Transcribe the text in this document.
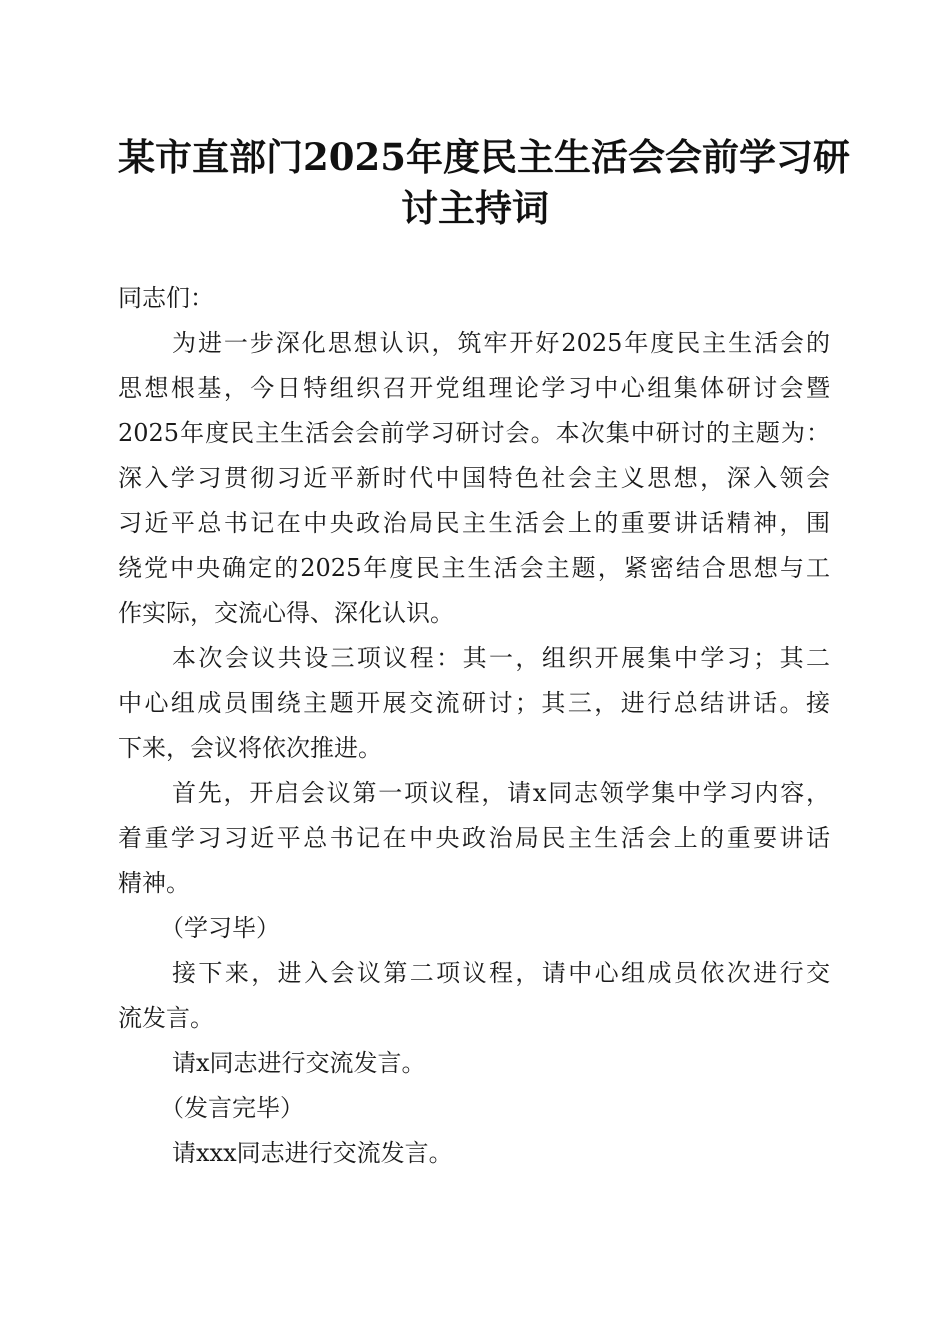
某市直部门2025年度民主生活会会前学习研
讨主持词
同志们：
为进一步深化思想认识，筑牢开好2025年度民主生活会的
思想根基，今日特组织召开党组理论学习中心组集体研讨会暨
2025年度民主生活会会前学习研讨会。本次集中研讨的主题为：
深入学习贯彻习近平新时代中国特色社会主义思想，深入领会
习近平总书记在中央政治局民主生活会上的重要讲话精神，围
绕党中央确定的2025年度民主生活会主题，紧密结合思想与工
作实际，交流心得、深化认识。
本次会议共设三项议程：其一，组织开展集中学习；其二
中心组成员围绕主题开展交流研讨；其三，进行总结讲话。接
下来，会议将依次推进。
首先，开启会议第一项议程，请x同志领学集中学习内容，
着重学习习近平总书记在中央政治局民主生活会上的重要讲话
精神。
（学习毕）
接下来，进入会议第二项议程，请中心组成员依次进行交
流发言。
请x同志进行交流发言。
（发言完毕）
请xxx同志进行交流发言。
